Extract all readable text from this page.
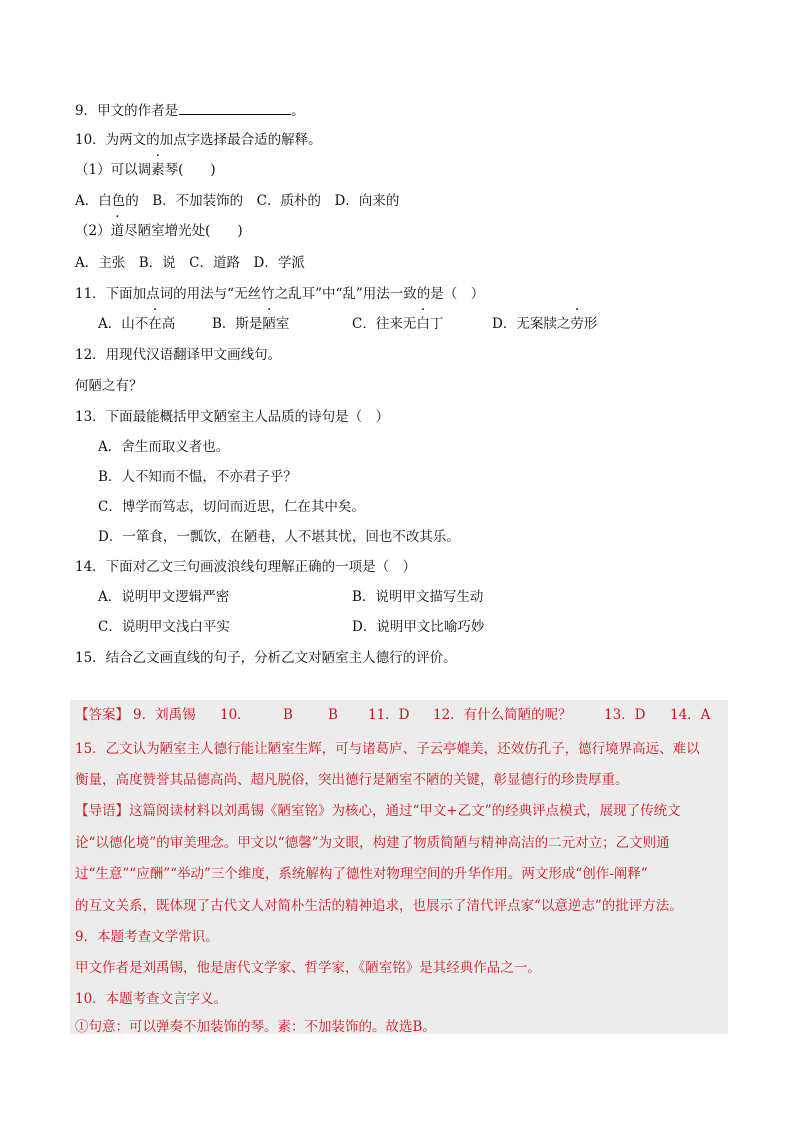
9．甲文的作者是	。
10．为两文的加点字选择最合适的解释。
（1）可以调素琴(　　)
A．白色的　B．不加装饰的　C．质朴的　D．向来的
（2）道尽陋室增光处(　　)
A．主张　B．说　C．道路　D．学派
11．下面加点词的用法与“无丝竹之乱耳”中“乱”用法一致的是（　）
A．山不在高	B．斯是陋室	C．往来无白丁	D．无案牍之劳形
12．用现代汉语翻译甲文画线句。
何陋之有？
13．下面最能概括甲文陋室主人品质的诗句是（　）
A．舍生而取义者也。
B．人不知而不愠，不亦君子乎？
C．博学而笃志，切问而近思，仁在其中矣。
D．一箪食，一瓢饮，在陋巷，人不堪其忧，回也不改其乐。
14．下面对乙文三句画波浪线句理解正确的一项是（　）
A．说明甲文逻辑严密	B．说明甲文描写生动
C．说明甲文浅白平实	D．说明甲文比喻巧妙
15．结合乙文画直线的句子，分析乙文对陋室主人德行的评价。
【答案】 9．刘禹锡 10． B	B 11．D 12．有什么简陋的呢？ 13．D 14．A
15．乙文认为陋室主人德行能让陋室生辉，可与诸葛庐、子云亭媲美，还效仿孔子，德行境界高远、难以
衡量，高度赞誉其品德高尚、超凡脱俗，突出德行是陋室不陋的关键，彰显德行的珍贵厚重。
【导语】这篇阅读材料以刘禹锡《陋室铭》为核心，通过“甲文+乙文”的经典评点模式，展现了传统文
论“以德化境”的审美理念。甲文以“德馨”为文眼，构建了物质简陋与精神高洁的二元对立；乙文则通
过“生意”“应酬”“举动”三个维度，系统解构了德性对物理空间的升华作用。两文形成“创作-阐释”
的互文关系，既体现了古代文人对简朴生活的精神追求，也展示了清代评点家“以意逆志”的批评方法。
9．本题考查文学常识。
甲文作者是刘禹锡，他是唐代文学家、哲学家，《陋室铭》是其经典作品之一。
10．本题考查文言字义。
①句意：可以弹奏不加装饰的琴。素：不加装饰的。故选B。
